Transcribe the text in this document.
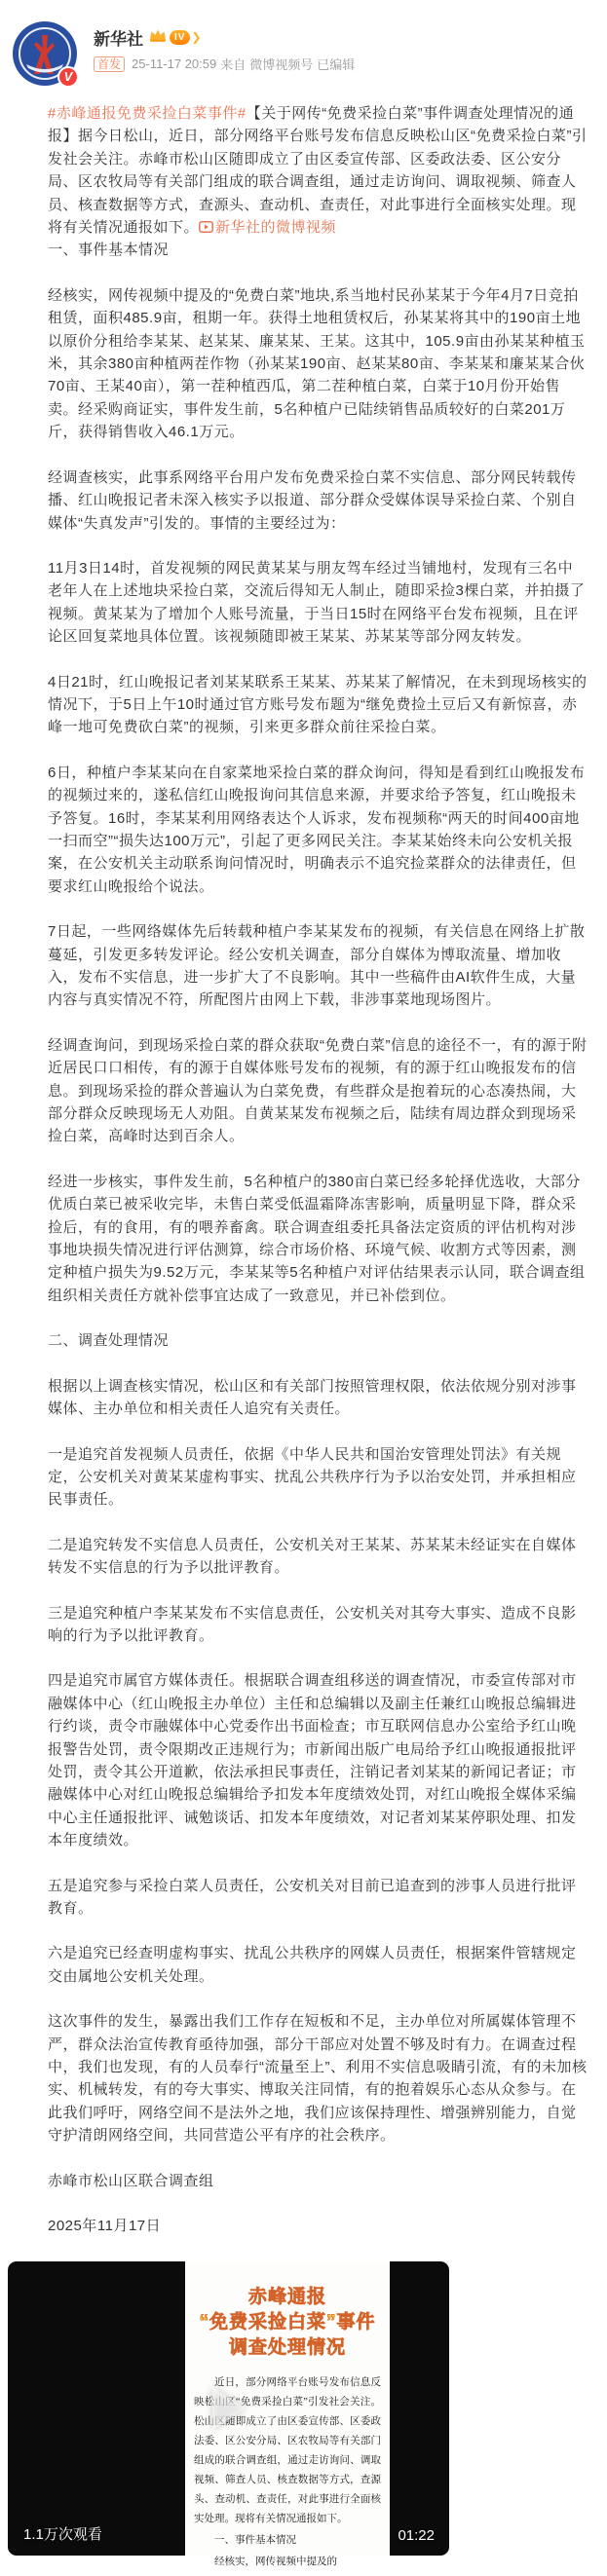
V
新华社	IV ❯
首发 25-11-17 20:59 来自 微博视频号 已编辑

#赤峰通报免费采捡白菜事件#【关于网传“免费采捡白菜”事件调查处理情况的通报】据今日松山，近日，部分网络平台账号发布信息反映松山区“免费采捡白菜”引发社会关注。赤峰市松山区随即成立了由区委宣传部、区委政法委、区公安分局、区农牧局等有关部门组成的联合调查组，通过走访询问、调取视频、筛查人员、核查数据等方式，查源头、查动机、查责任，对此事进行全面核实处理。现将有关情况通报如下。 新华社的微博视频

一、事件基本情况

经核实，网传视频中提及的“免费白菜”地块,系当地村民孙某某于今年4月7日竞拍租赁，面积485.9亩，租期一年。获得土地租赁权后，孙某某将其中的190亩土地以原价分租给李某某、赵某某、廉某某、王某。这其中，105.9亩由孙某某种植玉米，其余380亩种植两茬作物（孙某某190亩、赵某某80亩、李某某和廉某某合伙70亩、王某40亩），第一茬种植西瓜，第二茬种植白菜，白菜于10月份开始售卖。经采购商证实，事件发生前，5名种植户已陆续销售品质较好的白菜201万斤，获得销售收入46.1万元。

经调查核实，此事系网络平台用户发布免费采捡白菜不实信息、部分网民转载传播、红山晚报记者未深入核实予以报道、部分群众受媒体误导采捡白菜、个别自媒体“失真发声”引发的。事情的主要经过为：

11月3日14时，首发视频的网民黄某某与朋友驾车经过当铺地村，发现有三名中老年人在上述地块采捡白菜，交流后得知无人制止，随即采捡3棵白菜，并拍摄了视频。黄某某为了增加个人账号流量，于当日15时在网络平台发布视频，且在评论区回复菜地具体位置。该视频随即被王某某、苏某某等部分网友转发。

4日21时，红山晚报记者刘某某联系王某某、苏某某了解情况，在未到现场核实的情况下，于5日上午10时通过官方账号发布题为“继免费捡土豆后又有新惊喜，赤峰一地可免费砍白菜”的视频，引来更多群众前往采捡白菜。

6日，种植户李某某向在自家菜地采捡白菜的群众询问，得知是看到红山晚报发布的视频过来的，遂私信红山晚报询问其信息来源，并要求给予答复，红山晚报未予答复。16时，李某某利用网络表达个人诉求，发布视频称“两天的时间400亩地一扫而空”“损失达100万元”，引起了更多网民关注。李某某始终未向公安机关报案，在公安机关主动联系询问情况时，明确表示不追究捡菜群众的法律责任，但要求红山晚报给个说法。

7日起，一些网络媒体先后转载种植户李某某发布的视频，有关信息在网络上扩散蔓延，引发更多转发评论。经公安机关调查，部分自媒体为博取流量、增加收入，发布不实信息，进一步扩大了不良影响。其中一些稿件由AI软件生成，大量内容与真实情况不符，所配图片由网上下载，非涉事菜地现场图片。

经调查询问，到现场采捡白菜的群众获取“免费白菜”信息的途径不一，有的源于附近居民口口相传，有的源于自媒体账号发布的视频，有的源于红山晚报发布的信息。到现场采捡的群众普遍认为白菜免费，有些群众是抱着玩的心态凑热闹，大部分群众反映现场无人劝阻。自黄某某发布视频之后，陆续有周边群众到现场采捡白菜，高峰时达到百余人。

经进一步核实，事件发生前，5名种植户的380亩白菜已经多轮择优选收，大部分优质白菜已被采收完毕，未售白菜受低温霜降冻害影响，质量明显下降，群众采捡后，有的食用，有的喂养畜禽。联合调查组委托具备法定资质的评估机构对涉事地块损失情况进行评估测算，综合市场价格、环境气候、收割方式等因素，测定种植户损失为9.52万元，李某某等5名种植户对评估结果表示认同，联合调查组组织相关责任方就补偿事宜达成了一致意见，并已补偿到位。

二、调查处理情况

根据以上调查核实情况，松山区和有关部门按照管理权限，依法依规分别对涉事媒体、主办单位和相关责任人追究有关责任。

一是追究首发视频人员责任，依据《中华人民共和国治安管理处罚法》有关规定，公安机关对黄某某虚构事实、扰乱公共秩序行为予以治安处罚，并承担相应民事责任。

二是追究转发不实信息人员责任，公安机关对王某某、苏某某未经证实在自媒体转发不实信息的行为予以批评教育。

三是追究种植户李某某发布不实信息责任，公安机关对其夸大事实、造成不良影响的行为予以批评教育。

四是追究市属官方媒体责任。根据联合调查组移送的调查情况，市委宣传部对市融媒体中心（红山晚报主办单位）主任和总编辑以及副主任兼红山晚报总编辑进行约谈，责令市融媒体中心党委作出书面检查；市互联网信息办公室给予红山晚报警告处罚，责令限期改正违规行为；市新闻出版广电局给予红山晚报通报批评处罚，责令其公开道歉，依法承担民事责任，注销记者刘某某的新闻记者证；市融媒体中心对红山晚报总编辑给予扣发本年度绩效处罚，对红山晚报全媒体采编中心主任通报批评、诫勉谈话、扣发本年度绩效，对记者刘某某停职处理、扣发本年度绩效。

五是追究参与采捡白菜人员责任，公安机关对目前已追查到的涉事人员进行批评教育。

六是追究已经查明虚构事实、扰乱公共秩序的网媒人员责任，根据案件管辖规定交由属地公安机关处理。

这次事件的发生，暴露出我们工作存在短板和不足，主办单位对所属媒体管理不严，群众法治宣传教育亟待加强，部分干部应对处置不够及时有力。在调查过程中，我们也发现，有的人员奉行“流量至上”、利用不实信息吸睛引流，有的未加核实、机械转发，有的夸大事实、博取关注同情，有的抱着娱乐心态从众参与。在此我们呼吁，网络空间不是法外之地，我们应该保持理性、增强辨别能力，自觉守护清朗网络空间，共同营造公平有序的社会秩序。

赤峰市松山区联合调查组

2025年11月17日

赤峰通报
“免费采捡白菜”事件
调查处理情况

近日，部分网络平台账号发布信息反映松山区“免费采捡白菜”引发社会关注。松山区随即成立了由区委宣传部、区委政法委、区公安分局、区农牧局等有关部门组成的联合调查组，通过走访询问、调取视频、筛查人员、核查数据等方式，查源头、查动机、查责任，对此事进行全面核实处理。现将有关情况通报如下。

一、事件基本情况

经核实，网传视频中提及的

1.1万次观看	01:22
